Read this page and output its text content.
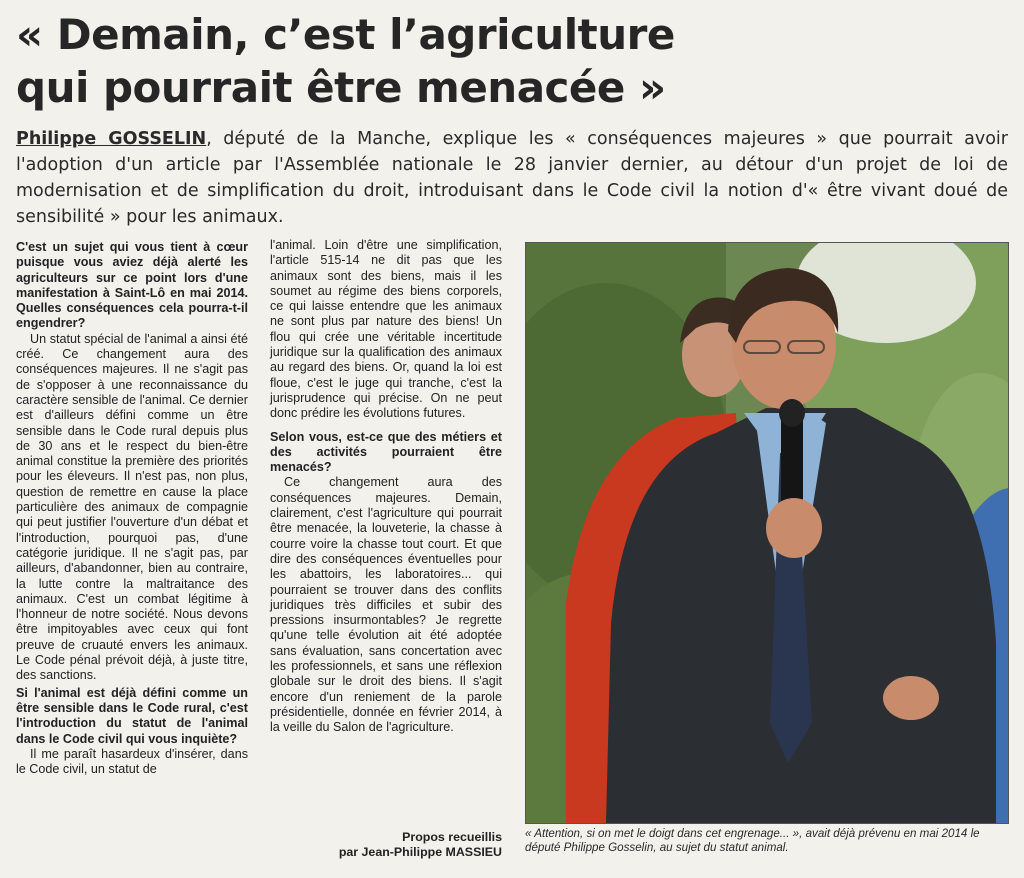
« Demain, c’est l’agriculture
qui pourrait être menacée »

Philippe GOSSELIN, député de la Manche, explique les « conséquences majeures » que pourrait avoir l'adoption d'un article par l'Assemblée nationale le 28 janvier dernier, au détour d'un projet de loi de modernisation et de simplification du droit, introduisant dans le Code civil la notion d'« être vivant doué de sensibilité » pour les animaux.

C'est un sujet qui vous tient à cœur puisque vous aviez déjà alerté les agriculteurs sur ce point lors d'une manifestation à Saint-Lô en mai 2014. Quelles conséquences cela pourra-t-il engendrer?

Un statut spécial de l'animal a ainsi été créé. Ce changement aura des conséquences majeures. Il ne s'agit pas de s'opposer à une reconnaissance du caractère sensible de l'animal. Ce dernier est d'ailleurs défini comme un être sensible dans le Code rural depuis plus de 30 ans et le respect du bien-être animal constitue la première des priorités pour les éleveurs. Il n'est pas, non plus, question de remettre en cause la place particulière des animaux de compagnie qui peut justifier l'ouverture d'un débat et l'introduction, pourquoi pas, d'une catégorie juridique. Il ne s'agit pas, par ailleurs, d'abandonner, bien au contraire, la lutte contre la maltraitance des animaux. C'est un combat légitime à l'honneur de notre société. Nous devons être impitoyables avec ceux qui font preuve de cruauté envers les animaux. Le Code pénal prévoit déjà, à juste titre, des sanctions.

Si l'animal est déjà défini comme un être sensible dans le Code rural, c'est l'introduction du statut de l'animal dans le Code civil qui vous inquiète?

Il me paraît hasardeux d'insérer, dans le Code civil, un statut de

l'animal. Loin d'être une simplification, l'article 515-14 ne dit pas que les animaux sont des biens, mais il les soumet au régime des biens corporels, ce qui laisse entendre que les animaux ne sont plus par nature des biens! Un flou qui crée une véritable incertitude juridique sur la qualification des animaux au regard des biens. Or, quand la loi est floue, c'est le juge qui tranche, c'est la jurisprudence qui précise. On ne peut donc prédire les évolutions futures.

Selon vous, est-ce que des métiers et des activités pourraient être menacés?

Ce changement aura des conséquences majeures. Demain, clairement, c'est l'agriculture qui pourrait être menacée, la louveterie, la chasse à courre voire la chasse tout court. Et que dire des conséquences éventuelles pour les abattoirs, les laboratoires... qui pourraient se trouver dans des conflits juridiques très difficiles et subir des pressions insurmontables? Je regrette qu'une telle évolution ait été adoptée sans évaluation, sans concertation avec les professionnels, et sans une réflexion globale sur le droit des biens. Il s'agit encore d'un reniement de la parole présidentielle, donnée en février 2014, à la veille du Salon de l'agriculture.

Propos recueillis
par Jean-Philippe MASSIEU
« Attention, si on met le doigt dans cet engrenage... », avait déjà prévenu en mai 2014 le député Philippe Gosselin, au sujet du statut animal.
